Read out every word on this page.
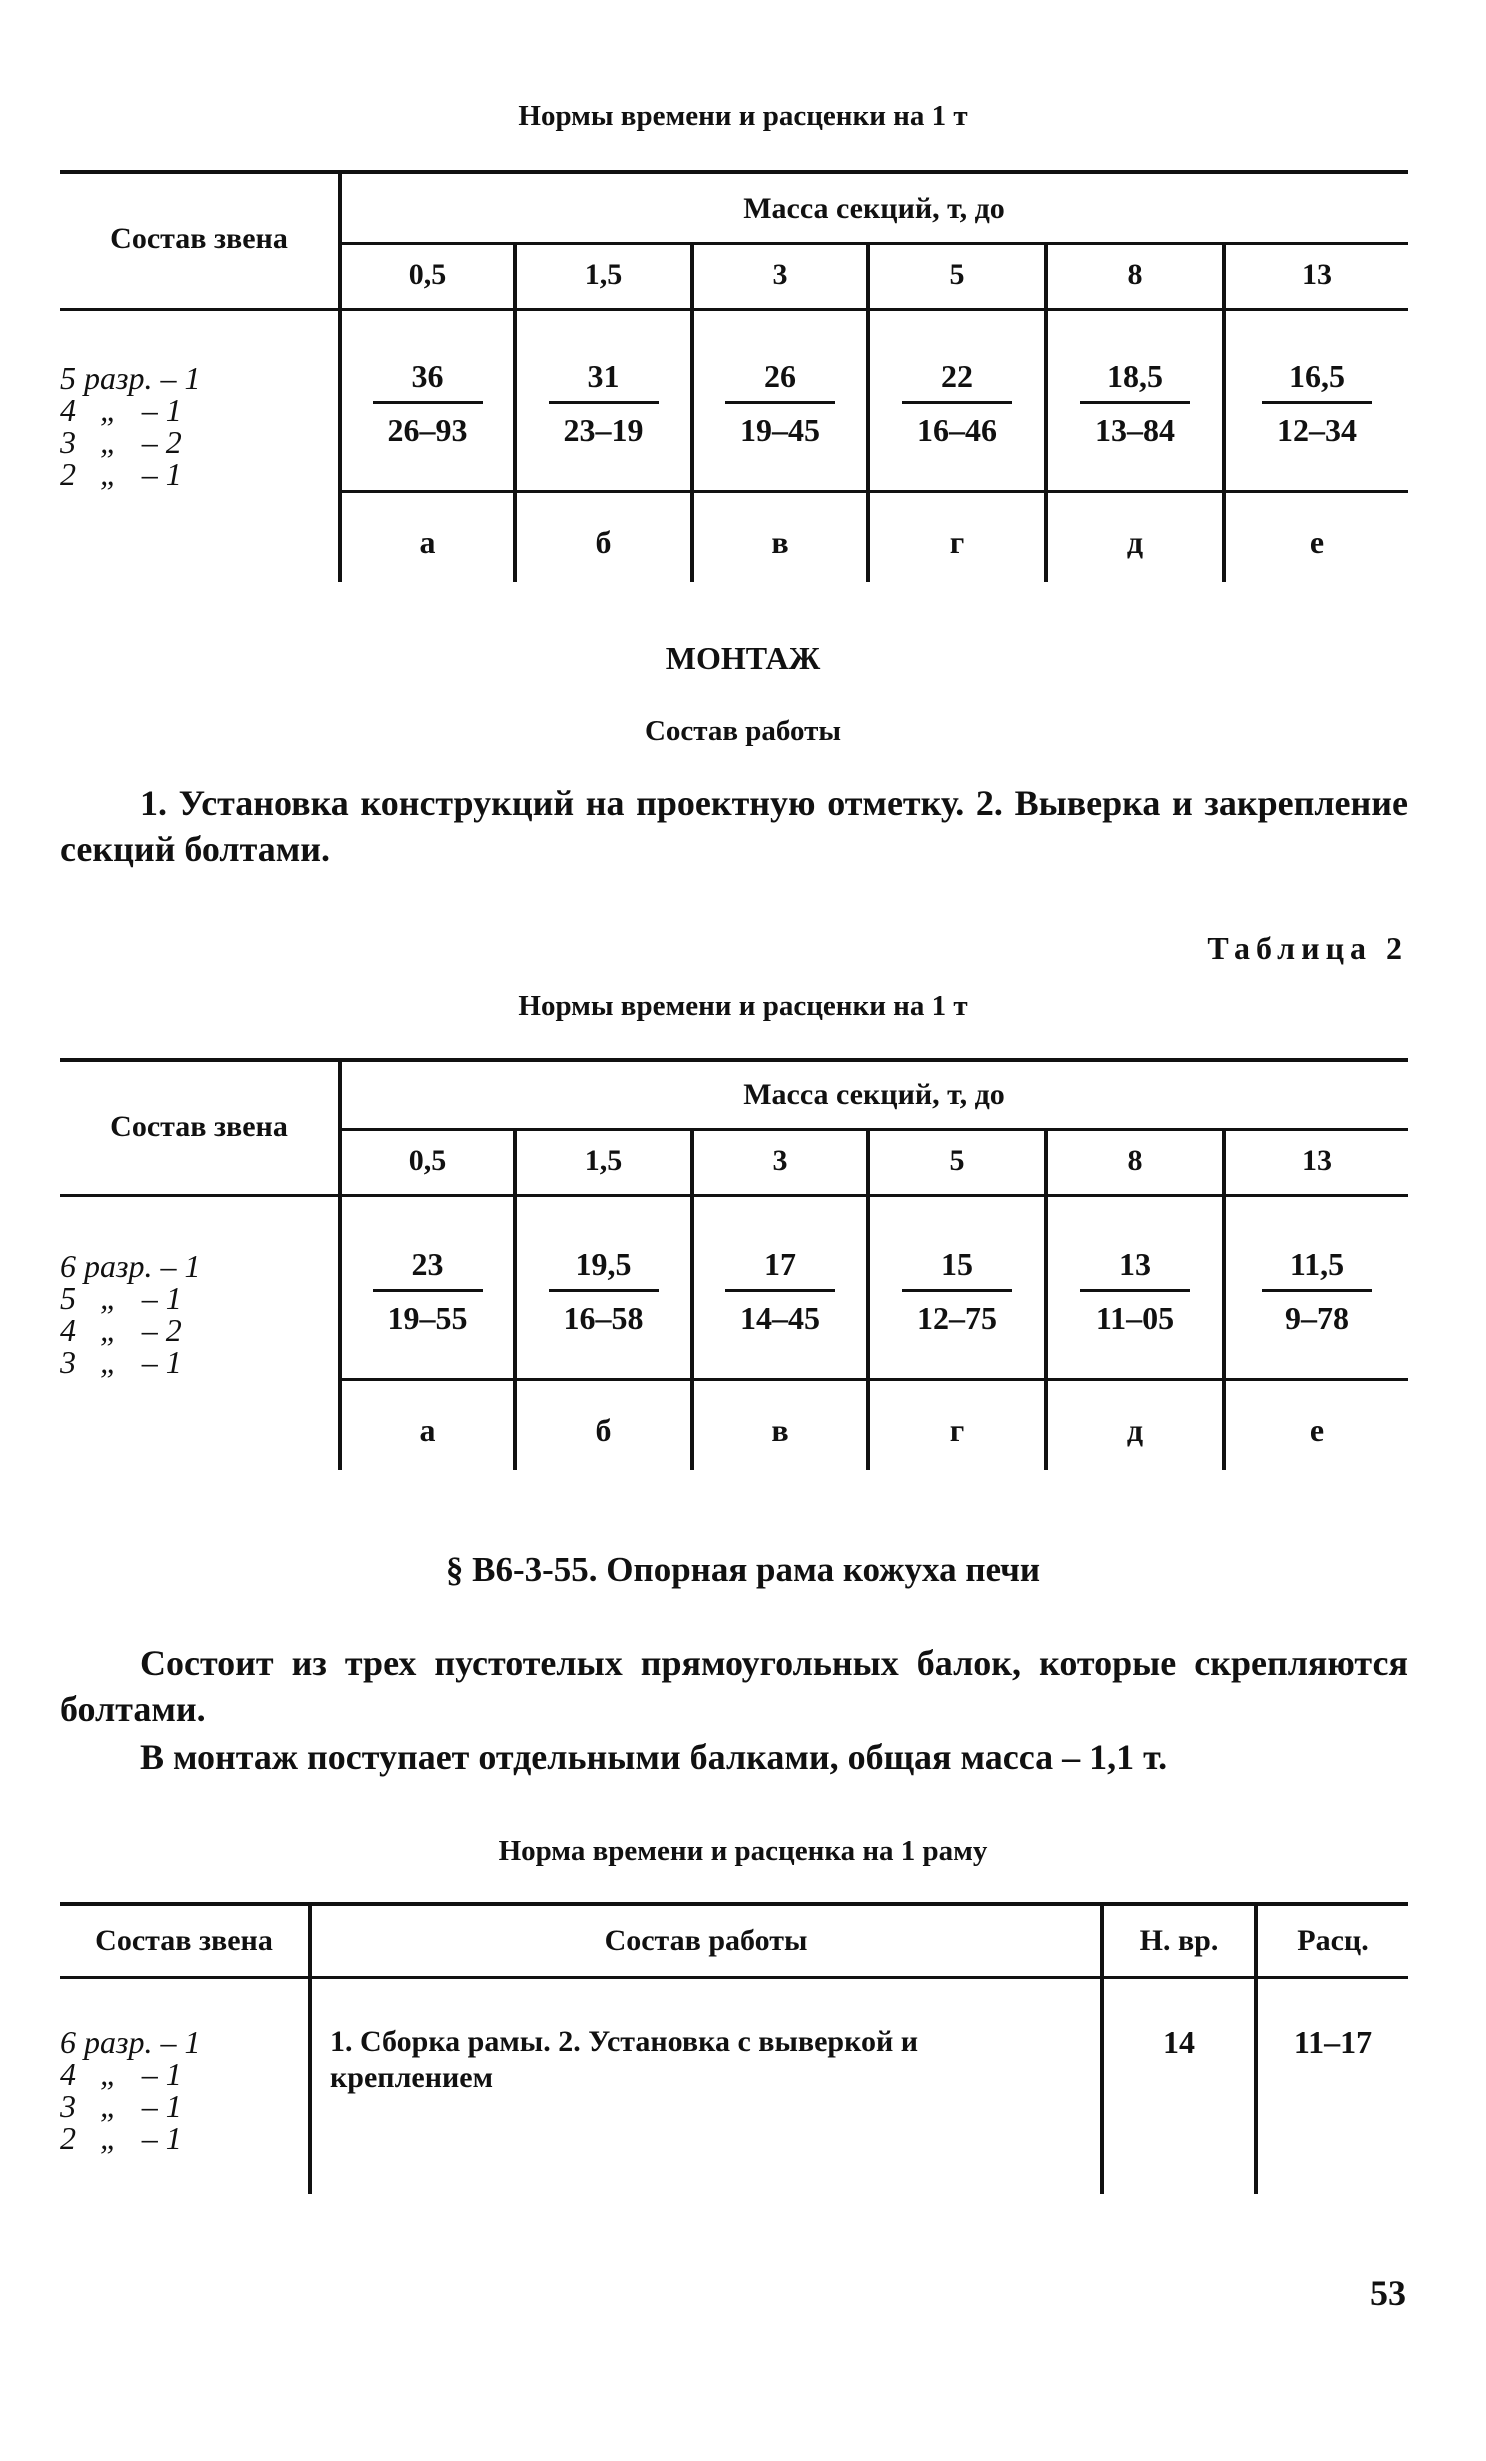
Нормы времени и расценки на 1 т
Состав звена
Масса секций, т, до
0,5	1,5	3	5	8	13
5 разр. – 1
4   „   – 1
3   „   – 2
2   „   – 1
$\frac{36}{26-93} \frac{31}{23-19} \frac{26}{19-45} \frac{22}{16-46} \frac{18,5}{13-84} \frac{16,5}{12-34}$
а	б	в	г	д	е
МОНТАЖ
Состав работы
1. Установка конструкций на проектную отметку. 2. Выверка и закрепление секций болтами.
Таблица 2
Нормы времени и расценки на 1 т
Состав звена
Масса секций, т, до
0,5	1,5	3	5	8	13
6 разр. – 1
5   „   – 1
4   „   – 2
3   „   – 1
$\frac{23}{19-55} \frac{19,5}{16-58} \frac{17}{14-45} \frac{15}{12-75} \frac{13}{11-05} \frac{11,5}{9-78}$
а	б	в	г	д	е
§ В6-3-55. Опорная рама кожуха печи
Состоит из трех пустотелых прямоугольных балок, которые скрепляются болтами.
В монтаж поступает отдельными балками, общая масса – 1,1 т.
Норма времени и расценка на 1 раму
Состав звена	Состав работы	Н. вр.	Расц.
6 разр. – 1
4   „   – 1
3   „   – 1
2   „   – 1
1. Сборка рамы. 2. Установка с выверкой и креплением
14	11–17
53
